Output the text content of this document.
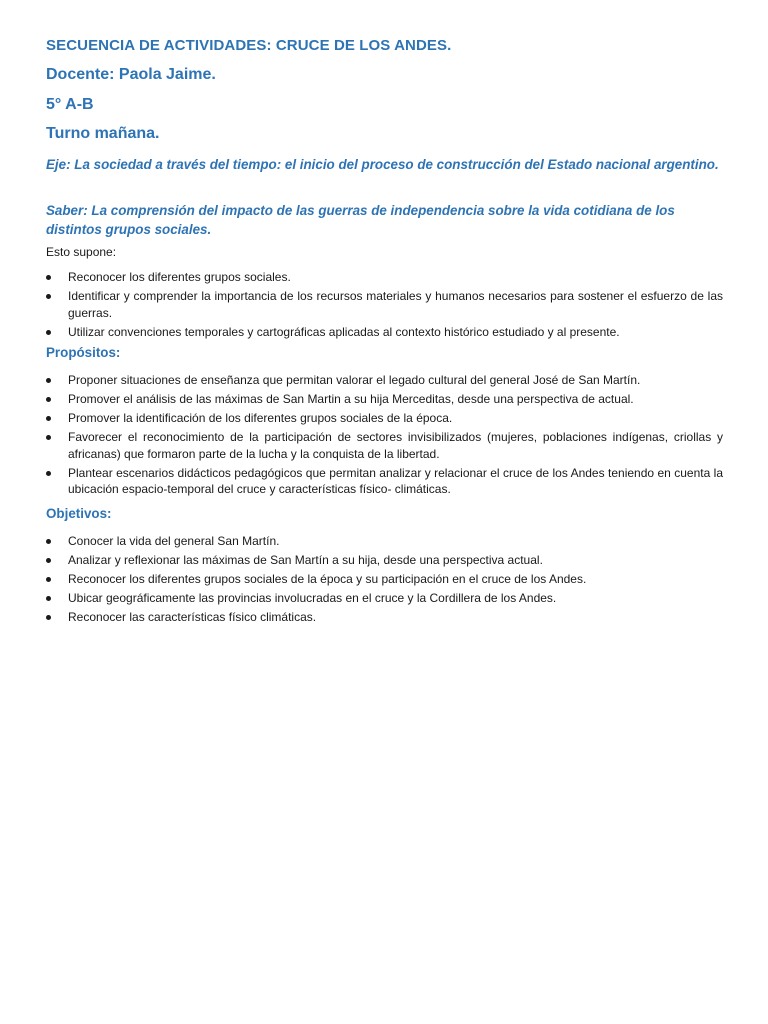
SECUENCIA DE ACTIVIDADES: CRUCE DE LOS ANDES.
Docente: Paola Jaime.
5° A-B
Turno mañana.
Eje: La sociedad a través del tiempo: el inicio del proceso de construcción del Estado nacional argentino.
Saber: La comprensión del impacto de las guerras de independencia sobre la vida cotidiana de los distintos grupos sociales.
Esto supone:
Reconocer los diferentes grupos sociales.
Identificar y comprender la importancia de los recursos materiales y humanos necesarios para sostener el esfuerzo de las guerras.
Utilizar convenciones temporales y cartográficas aplicadas al contexto histórico estudiado y al presente.
Propósitos:
Proponer situaciones de enseñanza que permitan valorar el legado cultural del general José de San Martín.
Promover el análisis de las máximas de San Martin a su hija Merceditas, desde una perspectiva de actual.
Promover la identificación de los diferentes grupos sociales de la época.
Favorecer el reconocimiento de la participación de sectores invisibilizados (mujeres, poblaciones indígenas, criollas y africanas) que formaron parte de la lucha y la conquista de la libertad.
Plantear escenarios didácticos pedagógicos que permitan analizar y relacionar el cruce de los Andes teniendo en cuenta la ubicación espacio-temporal del cruce y características físico- climáticas.
Objetivos:
Conocer la vida del general San Martín.
Analizar y reflexionar las máximas de San Martín a su hija, desde una perspectiva actual.
Reconocer los diferentes grupos sociales de la época y su participación en el cruce de los Andes.
Ubicar geográficamente las provincias involucradas en el cruce y la Cordillera de los Andes.
Reconocer las características físico climáticas.
